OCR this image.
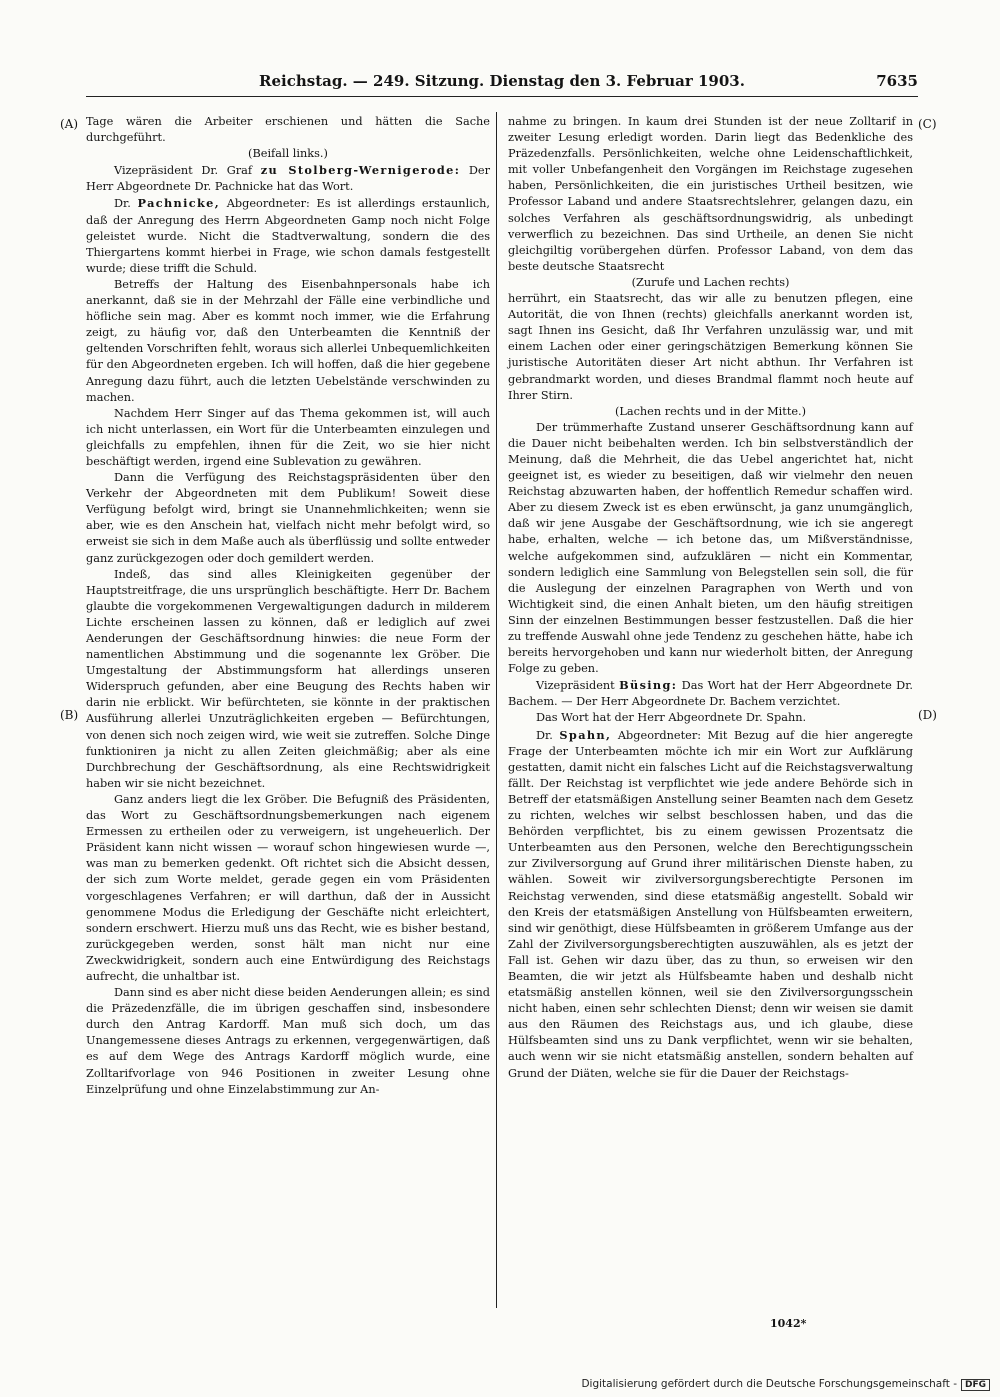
Reichstag. — 249. Sitzung. Dienstag den 3. Februar 1903.	7635
(A)
(B)
(C)
(D)

Tage wären die Arbeiter erschienen und hätten die Sache durchgeführt.

(Beifall links.)

Vizepräsident Dr. Graf zu Stolberg-Wernigerode: Der Herr Abgeordnete Dr. Pachnicke hat das Wort.

Dr. Pachnicke, Abgeordneter: Es ist allerdings erstaunlich, daß der Anregung des Herrn Abgeordneten Gamp noch nicht Folge geleistet wurde. Nicht die Stadtverwaltung, sondern die des Thiergartens kommt hierbei in Frage, wie schon damals festgestellt wurde; diese trifft die Schuld.

Betreffs der Haltung des Eisenbahnpersonals habe ich anerkannt, daß sie in der Mehrzahl der Fälle eine verbindliche und höfliche sein mag. Aber es kommt noch immer, wie die Erfahrung zeigt, zu häufig vor, daß den Unterbeamten die Kenntniß der geltenden Vorschriften fehlt, woraus sich allerlei Unbequemlichkeiten für den Abgeordneten ergeben. Ich will hoffen, daß die hier gegebene Anregung dazu führt, auch die letzten Uebelstände verschwinden zu machen.

Nachdem Herr Singer auf das Thema gekommen ist, will auch ich nicht unterlassen, ein Wort für die Unterbeamten einzulegen und gleichfalls zu empfehlen, ihnen für die Zeit, wo sie hier nicht beschäftigt werden, irgend eine Sublevation zu gewähren.

Dann die Verfügung des Reichstagspräsidenten über den Verkehr der Abgeordneten mit dem Publikum! Soweit diese Verfügung befolgt wird, bringt sie Unannehmlichkeiten; wenn sie aber, wie es den Anschein hat, vielfach nicht mehr befolgt wird, so erweist sie sich in dem Maße auch als überflüssig und sollte entweder ganz zurückgezogen oder doch gemildert werden.

Indeß, das sind alles Kleinigkeiten gegenüber der Hauptstreitfrage, die uns ursprünglich beschäftigte. Herr Dr. Bachem glaubte die vorgekommenen Vergewaltigungen dadurch in milderem Lichte erscheinen lassen zu können, daß er lediglich auf zwei Aenderungen der Geschäftsordnung hinwies: die neue Form der namentlichen Abstimmung und die sogenannte lex Gröber. Die Umgestaltung der Abstimmungsform hat allerdings unseren Widerspruch gefunden, aber eine Beugung des Rechts haben wir darin nie erblickt. Wir befürchteten, sie könnte in der praktischen Ausführung allerlei Unzuträglichkeiten ergeben — Befürchtungen, von denen sich noch zeigen wird, wie weit sie zutreffen. Solche Dinge funktioniren ja nicht zu allen Zeiten gleichmäßig; aber als eine Durchbrechung der Geschäftsordnung, als eine Rechtswidrigkeit haben wir sie nicht bezeichnet.

Ganz anders liegt die lex Gröber. Die Befugniß des Präsidenten, das Wort zu Geschäftsordnungsbemerkungen nach eigenem Ermessen zu ertheilen oder zu verweigern, ist ungeheuerlich. Der Präsident kann nicht wissen — worauf schon hingewiesen wurde —, was man zu bemerken gedenkt. Oft richtet sich die Absicht dessen, der sich zum Worte meldet, gerade gegen ein vom Präsidenten vorgeschlagenes Verfahren; er will darthun, daß der in Aussicht genommene Modus die Erledigung der Geschäfte nicht erleichtert, sondern erschwert. Hierzu muß uns das Recht, wie es bisher bestand, zurückgegeben werden, sonst hält man nicht nur eine Zweckwidrigkeit, sondern auch eine Entwürdigung des Reichstags aufrecht, die unhaltbar ist.

Dann sind es aber nicht diese beiden Aenderungen allein; es sind die Präzedenzfälle, die im übrigen geschaffen sind, insbesondere durch den Antrag Kardorff. Man muß sich doch, um das Unangemessene dieses Antrags zu erkennen, vergegenwärtigen, daß es auf dem Wege des Antrags Kardorff möglich wurde, eine Zolltarifvorlage von 946 Positionen in zweiter Lesung ohne Einzelprüfung und ohne Einzelabstimmung zur An-

nahme zu bringen. In kaum drei Stunden ist der neue Zolltarif in zweiter Lesung erledigt worden. Darin liegt das Bedenkliche des Präzedenzfalls. Persönlichkeiten, welche ohne Leidenschaftlichkeit, mit voller Unbefangenheit den Vorgängen im Reichstage zugesehen haben, Persönlichkeiten, die ein juristisches Urtheil besitzen, wie Professor Laband und andere Staatsrechtslehrer, gelangen dazu, ein solches Verfahren als geschäftsordnungswidrig, als unbedingt verwerflich zu bezeichnen. Das sind Urtheile, an denen Sie nicht gleichgiltig vorübergehen dürfen. Professor Laband, von dem das beste deutsche Staatsrecht

(Zurufe und Lachen rechts)

herrührt, ein Staatsrecht, das wir alle zu benutzen pflegen, eine Autorität, die von Ihnen (rechts) gleichfalls anerkannt worden ist, sagt Ihnen ins Gesicht, daß Ihr Verfahren unzulässig war, und mit einem Lachen oder einer geringschätzigen Bemerkung können Sie juristische Autoritäten dieser Art nicht abthun. Ihr Verfahren ist gebrandmarkt worden, und dieses Brandmal flammt noch heute auf Ihrer Stirn.

(Lachen rechts und in der Mitte.)

Der trümmerhafte Zustand unserer Geschäftsordnung kann auf die Dauer nicht beibehalten werden. Ich bin selbstverständlich der Meinung, daß die Mehrheit, die das Uebel angerichtet hat, nicht geeignet ist, es wieder zu beseitigen, daß wir vielmehr den neuen Reichstag abzuwarten haben, der hoffentlich Remedur schaffen wird. Aber zu diesem Zweck ist es eben erwünscht, ja ganz unumgänglich, daß wir jene Ausgabe der Geschäftsordnung, wie ich sie angeregt habe, erhalten, welche — ich betone das, um Mißverständnisse, welche aufgekommen sind, aufzuklären — nicht ein Kommentar, sondern lediglich eine Sammlung von Belegstellen sein soll, die für die Auslegung der einzelnen Paragraphen von Werth und von Wichtigkeit sind, die einen Anhalt bieten, um den häufig streitigen Sinn der einzelnen Bestimmungen besser festzustellen. Daß die hier zu treffende Auswahl ohne jede Tendenz zu geschehen hätte, habe ich bereits hervorgehoben und kann nur wiederholt bitten, der Anregung Folge zu geben.

Vizepräsident Büsing: Das Wort hat der Herr Abgeordnete Dr. Bachem. — Der Herr Abgeordnete Dr. Bachem verzichtet.

Das Wort hat der Herr Abgeordnete Dr. Spahn.

Dr. Spahn, Abgeordneter: Mit Bezug auf die hier angeregte Frage der Unterbeamten möchte ich mir ein Wort zur Aufklärung gestatten, damit nicht ein falsches Licht auf die Reichstagsverwaltung fällt. Der Reichstag ist verpflichtet wie jede andere Behörde sich in Betreff der etatsmäßigen Anstellung seiner Beamten nach dem Gesetz zu richten, welches wir selbst beschlossen haben, und das die Behörden verpflichtet, bis zu einem gewissen Prozentsatz die Unterbeamten aus den Personen, welche den Berechtigungsschein zur Zivilversorgung auf Grund ihrer militärischen Dienste haben, zu wählen. Soweit wir zivilversorgungsberechtigte Personen im Reichstag verwenden, sind diese etatsmäßig angestellt. Sobald wir den Kreis der etatsmäßigen Anstellung von Hülfsbeamten erweitern, sind wir genöthigt, diese Hülfsbeamten in größerem Umfange aus der Zahl der Zivilversorgungsberechtigten auszuwählen, als es jetzt der Fall ist. Gehen wir dazu über, das zu thun, so erweisen wir den Beamten, die wir jetzt als Hülfsbeamte haben und deshalb nicht etatsmäßig anstellen können, weil sie den Zivilversorgungsschein nicht haben, einen sehr schlechten Dienst; denn wir weisen sie damit aus den Räumen des Reichstags aus, und ich glaube, diese Hülfsbeamten sind uns zu Dank verpflichtet, wenn wir sie behalten, auch wenn wir sie nicht etatsmäßig anstellen, sondern behalten auf Grund der Diäten, welche sie für die Dauer der Reichstags-

1042*
Digitalisierung gefördert durch die Deutsche Forschungsgemeinschaft - DFG
